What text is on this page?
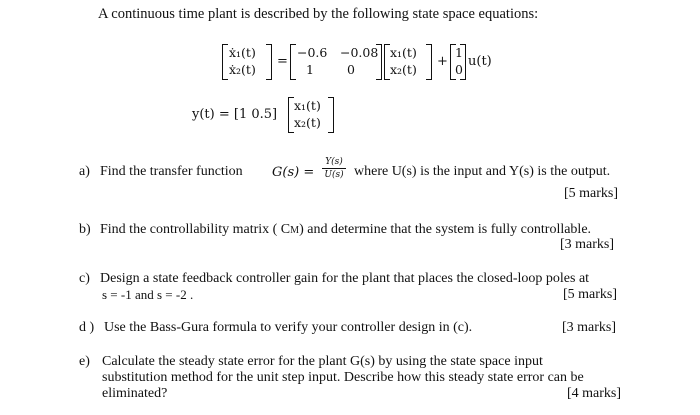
A continuous time plant is described by the following state space equations:
ẋ₁(t)
ẋ₂(t)
=
−0.6 −0.08
1	0
x₁(t)
x₂(t)
+
1
0
u(t)
y(t) = [1 0.5]
x₁(t)
x₂(t)
a) Find the transfer function G(s) =
Y(s)
U(s) where U(s) is the input and Y(s) is the output.
[5 marks]
b) Find the controllability matrix ( CM) and determine that the system is fully controllable.
[3 marks]
c) Design a state feedback controller gain for the plant that places the closed-loop poles at
s = -1 and s = -2 .	[5 marks]
d ) Use the Bass-Gura formula to verify your controller design in (c).	[3 marks]
e) Calculate the steady state error for the plant G(s) by using the state space input
substitution method for the unit step input. Describe how this steady state error can be
eliminated?	[4 marks]
